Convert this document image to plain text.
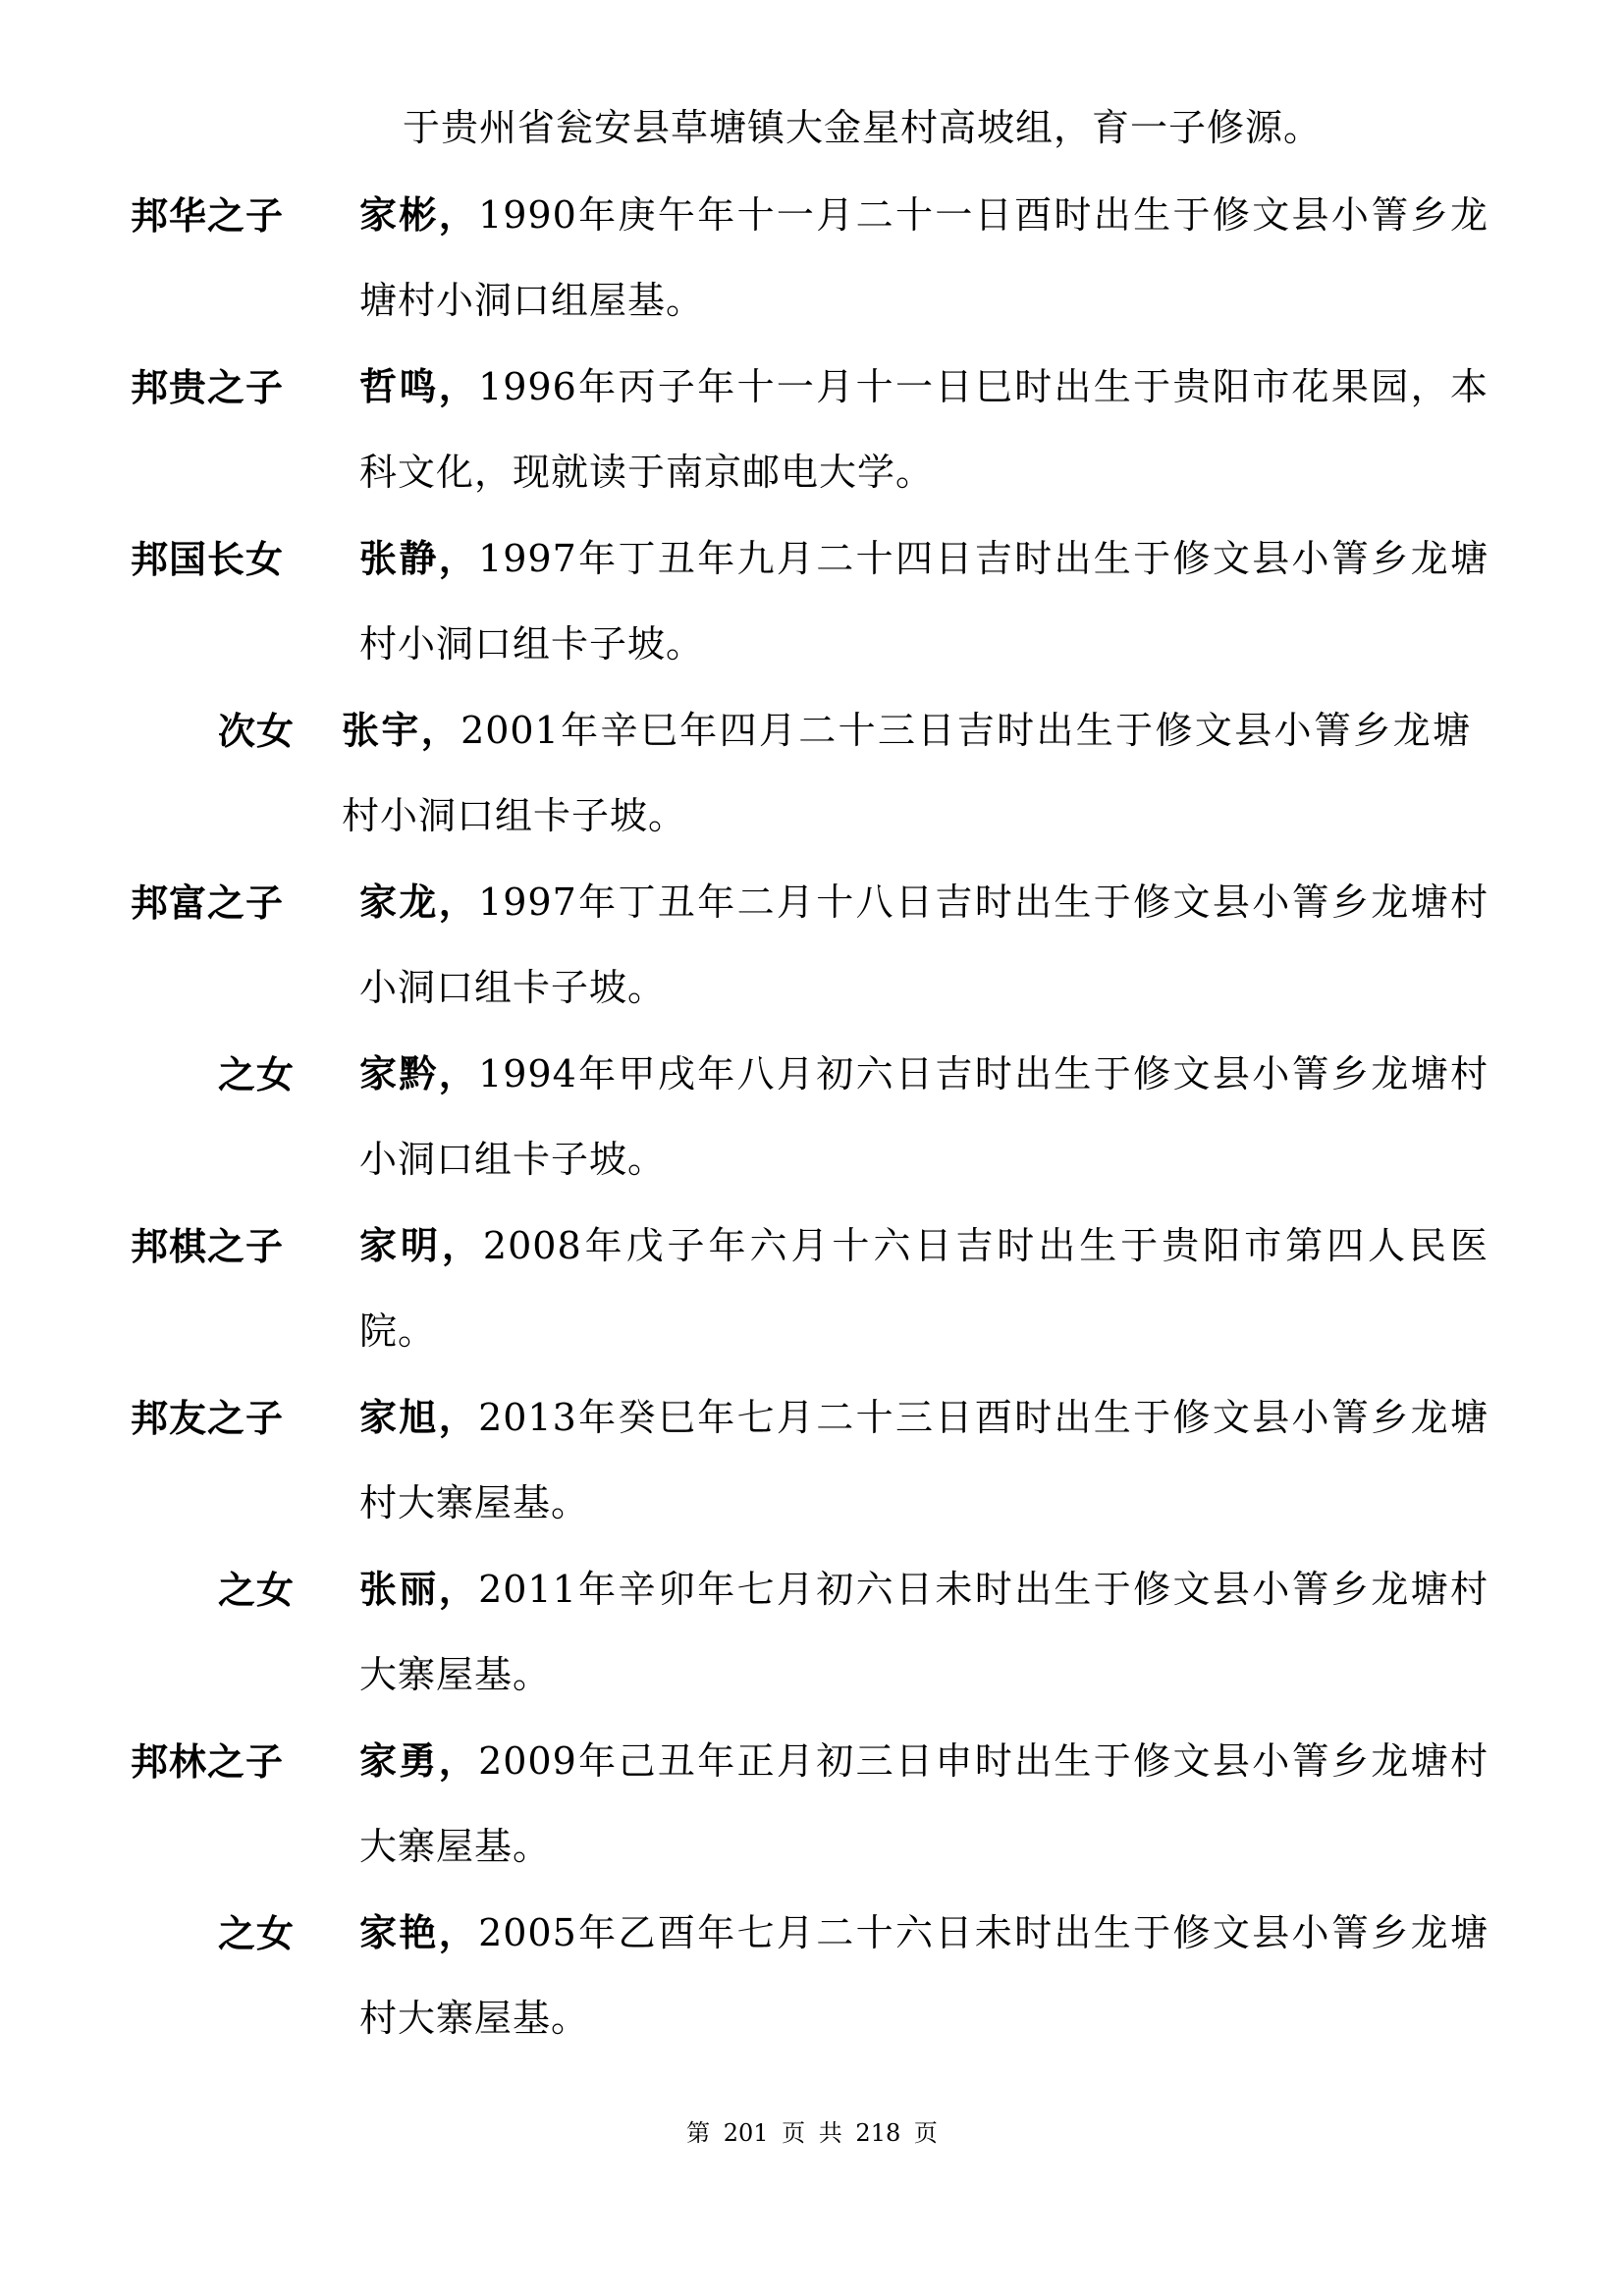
于贵州省瓮安县草塘镇大金星村高坡组，育一子修源。
邦华之子 家彬，1990年庚午年十一月二十一日酉时出生于修文县小箐乡龙塘村小洞口组屋基。
邦贵之子 哲鸣，1996年丙子年十一月十一日巳时出生于贵阳市花果园，本科文化，现就读于南京邮电大学。
邦国长女 张静，1997年丁丑年九月二十四日吉时出生于修文县小箐乡龙塘村小洞口组卡子坡。
次女 张宇，2001年辛巳年四月二十三日吉时出生于修文县小箐乡龙塘村小洞口组卡子坡。
邦富之子 家龙，1997年丁丑年二月十八日吉时出生于修文县小箐乡龙塘村小洞口组卡子坡。
之女 家黔，1994年甲戌年八月初六日吉时出生于修文县小箐乡龙塘村小洞口组卡子坡。
邦棋之子 家明，2008年戊子年六月十六日吉时出生于贵阳市第四人民医院。
邦友之子 家旭，2013年癸巳年七月二十三日酉时出生于修文县小箐乡龙塘村大寨屋基。
之女 张丽，2011年辛卯年七月初六日未时出生于修文县小箐乡龙塘村大寨屋基。
邦林之子 家勇，2009年己丑年正月初三日申时出生于修文县小箐乡龙塘村大寨屋基。
之女 家艳，2005年乙酉年七月二十六日未时出生于修文县小箐乡龙塘村大寨屋基。
第 201 页 共 218 页
